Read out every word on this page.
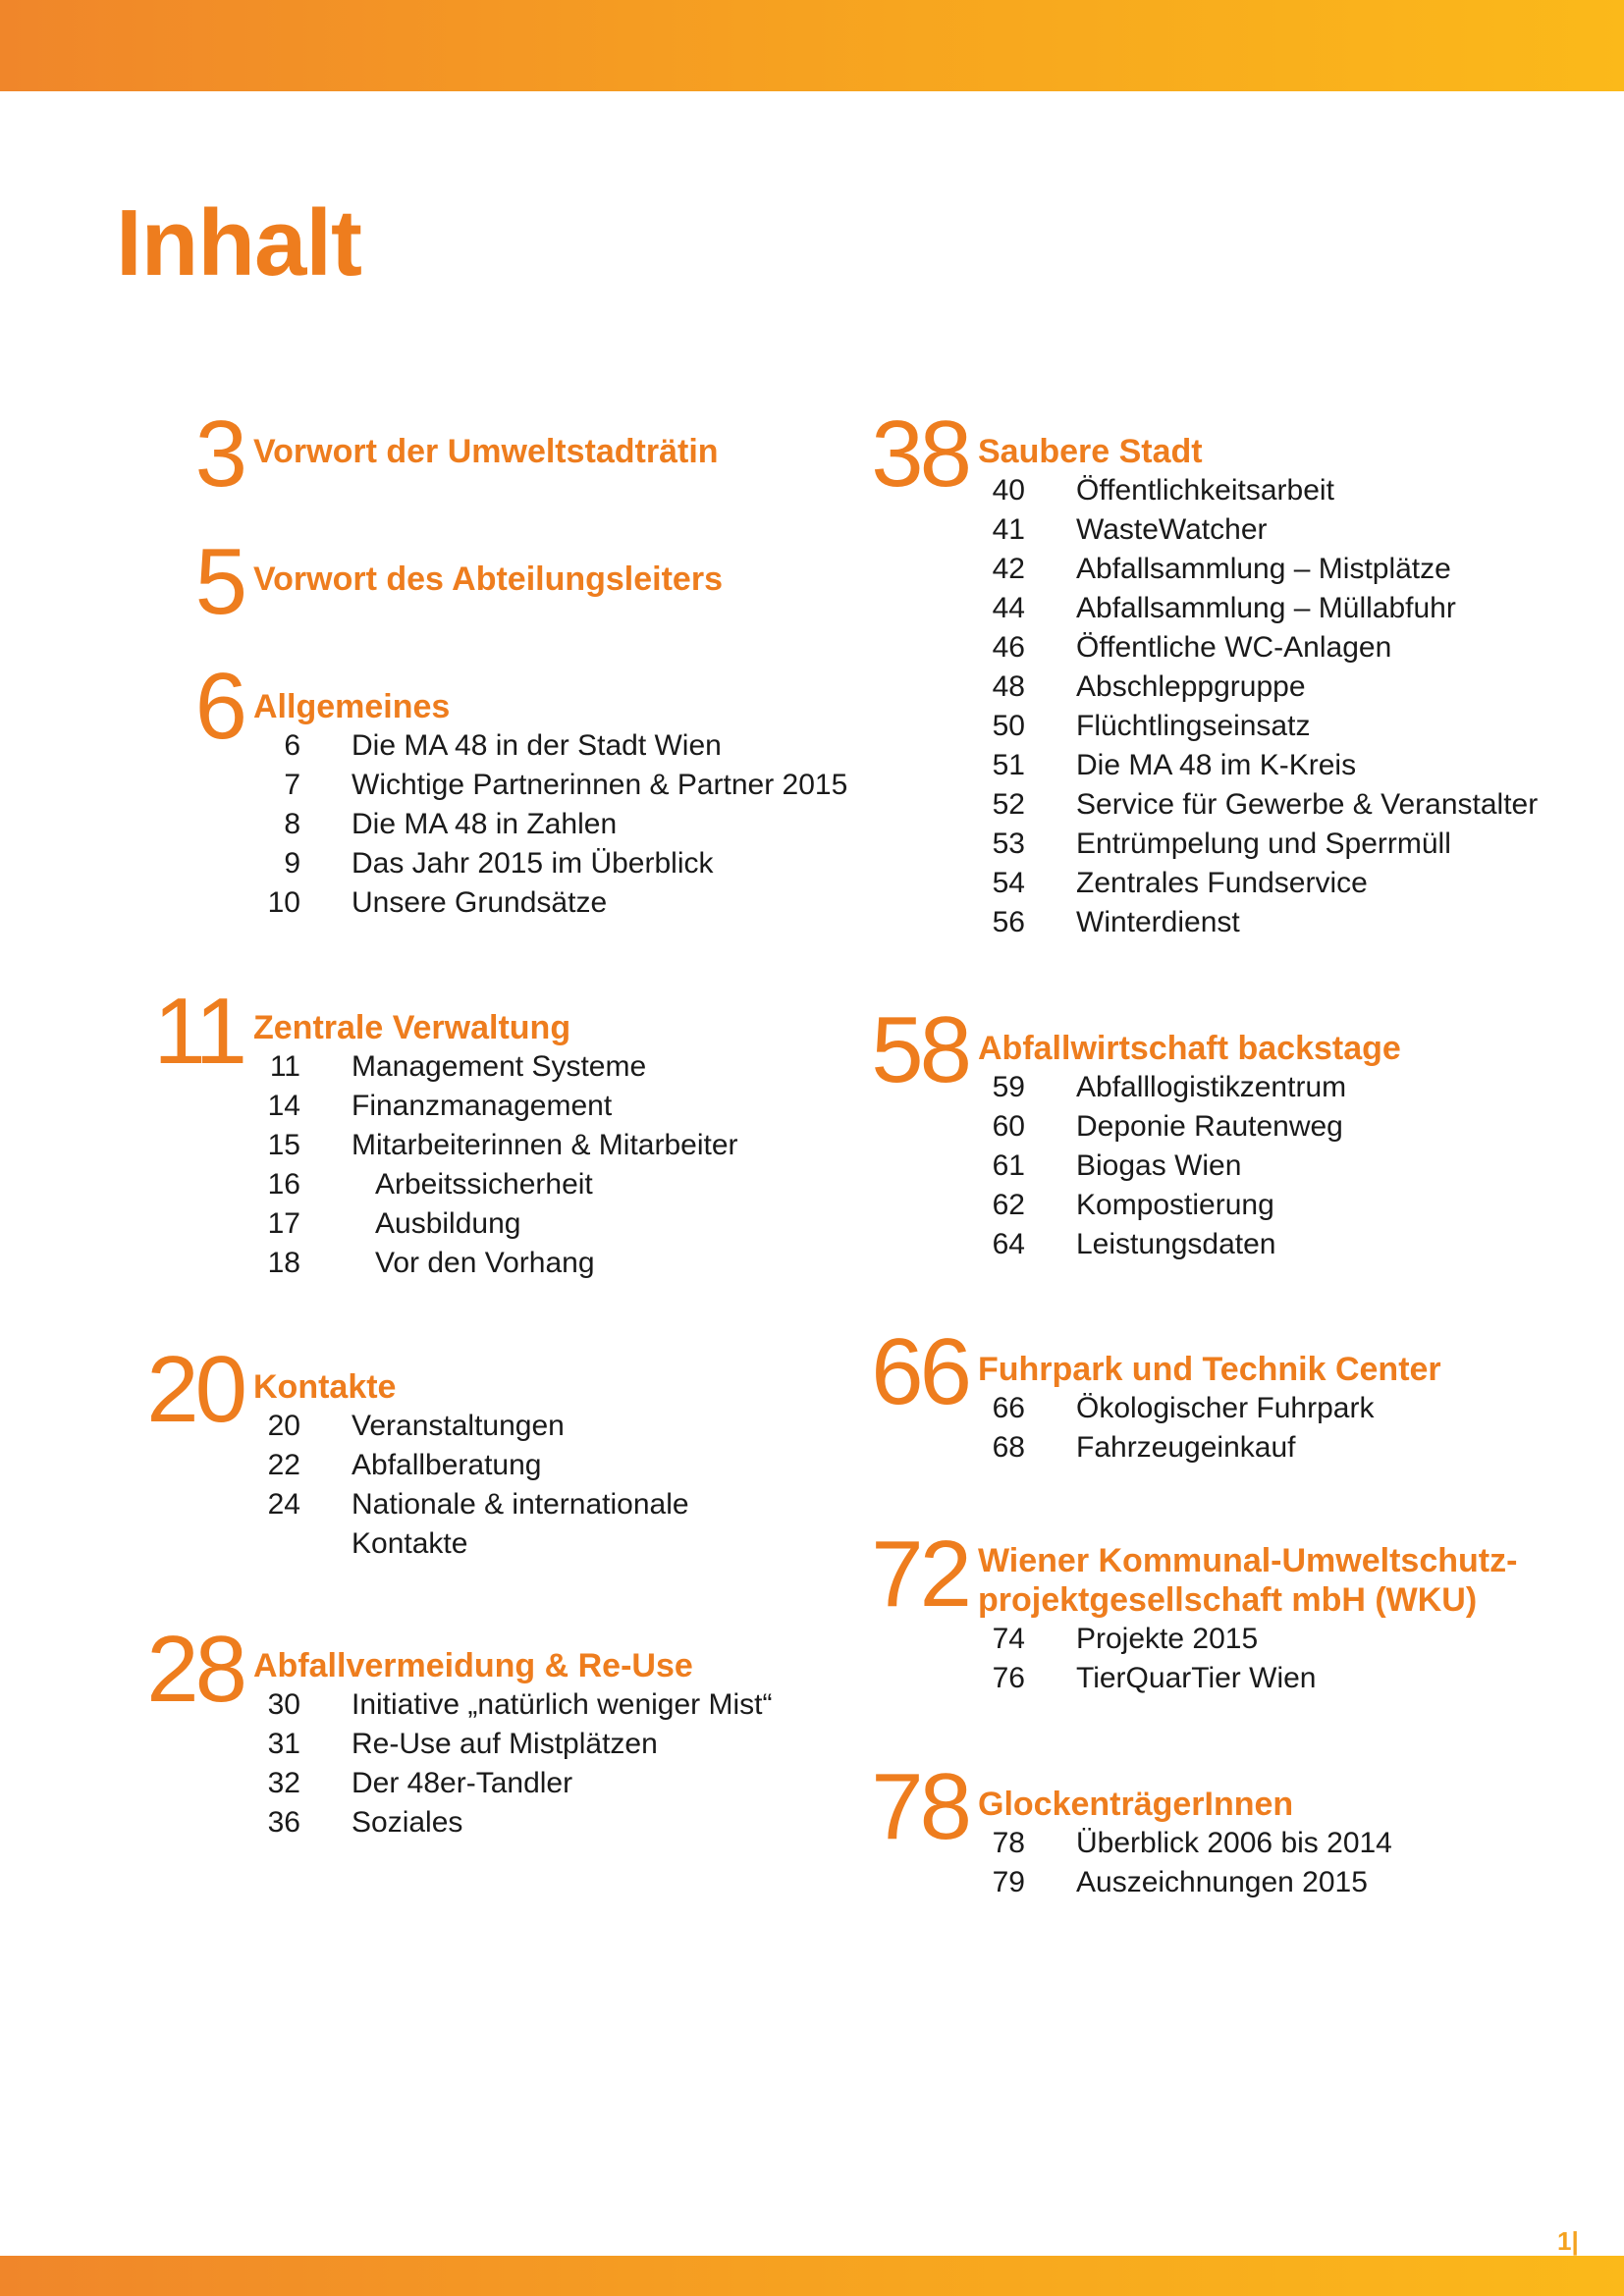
Inhalt
3 Vorwort der Umweltstadträtin
5 Vorwort des Abteilungsleiters
6 Allgemeines
6 Die MA 48 in der Stadt Wien
7 Wichtige Partnerinnen & Partner 2015
8 Die MA 48 in Zahlen
9 Das Jahr 2015 im Überblick
10 Unsere Grundsätze
11 Zentrale Verwaltung
11 Management Systeme
14 Finanzmanagement
15 Mitarbeiterinnen & Mitarbeiter
16	Arbeitssicherheit
17	Ausbildung
18	Vor den Vorhang
20 Kontakte
20 Veranstaltungen
22 Abfallberatung
24 Nationale & internationale
Kontakte
28 Abfallvermeidung & Re-Use
30 Initiative „natürlich weniger Mist“
31 Re-Use auf Mistplätzen
32 Der 48er-Tandler
36 Soziales
38 Saubere Stadt
40 Öffentlichkeitsarbeit
41 WasteWatcher
42 Abfallsammlung – Mistplätze
44 Abfallsammlung – Müllabfuhr
46 Öffentliche WC-Anlagen
48 Abschleppgruppe
50 Flüchtlingseinsatz
51 Die MA 48 im K-Kreis
52 Service für Gewerbe & Veranstalter
53 Entrümpelung und Sperrmüll
54 Zentrales Fundservice
56 Winterdienst
58 Abfallwirtschaft backstage
59 Abfalllogistikzentrum
60 Deponie Rautenweg
61 Biogas Wien
62 Kompostierung
64 Leistungsdaten
66 Fuhrpark und Technik Center
66 Ökologischer Fuhrpark
68 Fahrzeugeinkauf
72 Wiener Kommunal-Umweltschutz-
projektgesellschaft mbH (WKU)
74 Projekte 2015
76 TierQuarTier Wien
78 GlockenträgerInnen
78 Überblick 2006 bis 2014
79 Auszeichnungen 2015
1|
